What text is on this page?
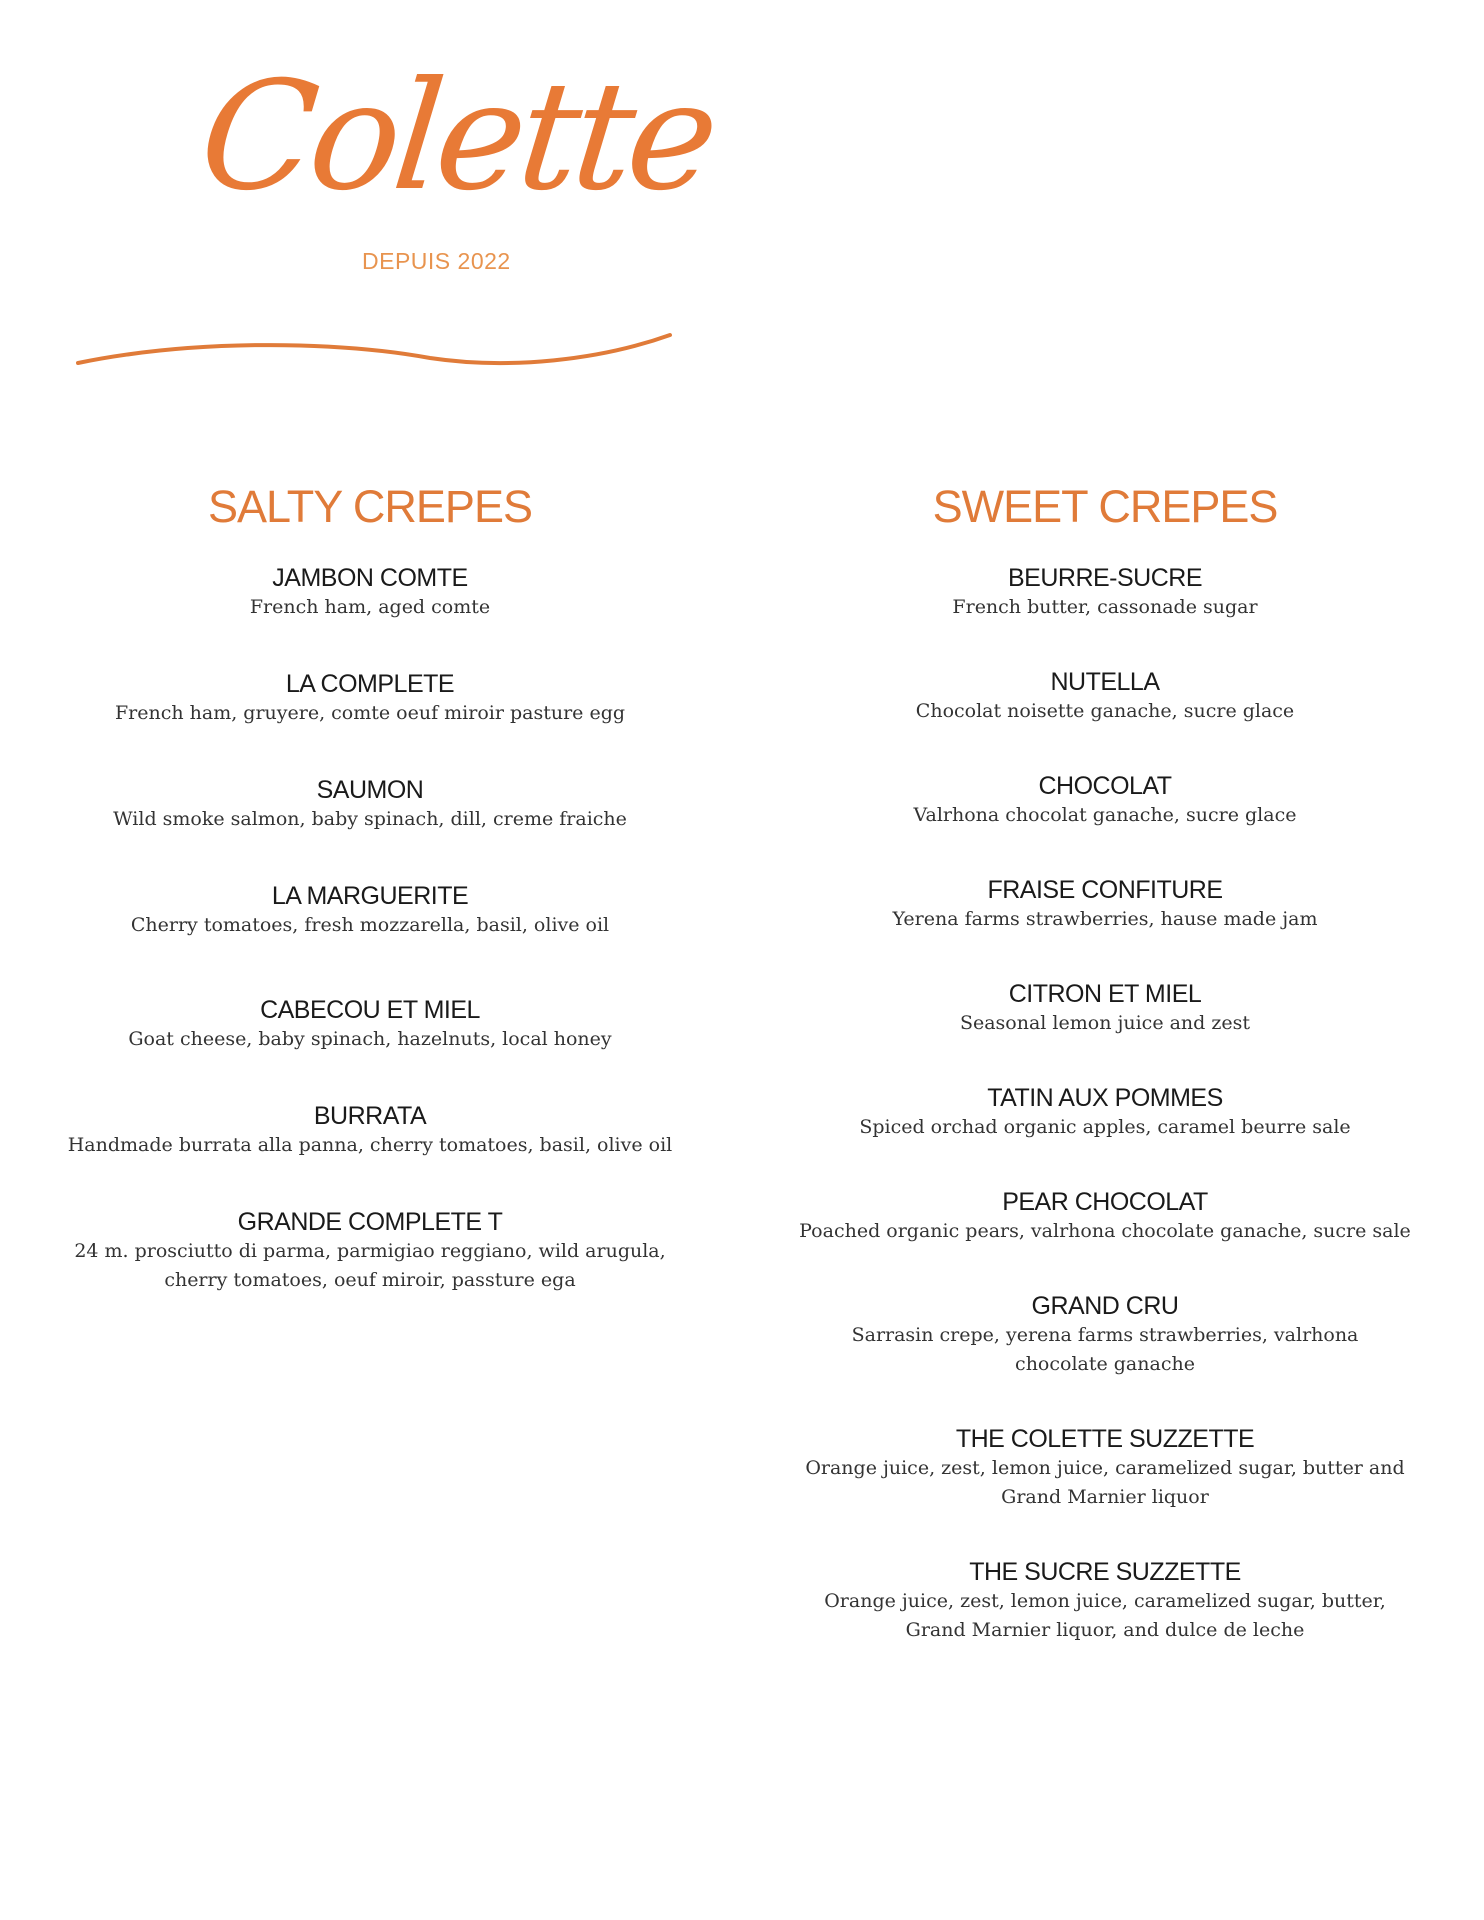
Colette
DEPUIS 2022
SALTY CREPES
JAMBON COMTE
French ham, aged comte
LA COMPLETE
French ham, gruyere, comte oeuf miroir pasture egg
SAUMON
Wild smoke salmon, baby spinach, dill, creme fraiche
LA MARGUERITE
Cherry tomatoes, fresh mozzarella, basil, olive oil
CABECOU ET MIEL
Goat cheese, baby spinach, hazelnuts, local honey
BURRATA
Handmade burrata alla panna, cherry tomatoes, basil, olive oil
GRANDE COMPLETE T
24 m. prosciutto di parma, parmigiao reggiano, wild arugula,
cherry tomatoes, oeuf miroir, passture ega
SWEET CREPES
BEURRE-SUCRE
French butter, cassonade sugar
NUTELLA
Chocolat noisette ganache, sucre glace
CHOCOLAT
Valrhona chocolat ganache, sucre glace
FRAISE CONFITURE
Yerena farms strawberries, hause made jam
CITRON ET MIEL
Seasonal lemon juice and zest
TATIN AUX POMMES
Spiced orchad organic apples, caramel beurre sale
PEAR CHOCOLAT
Poached organic pears, valrhona chocolate ganache, sucre sale
GRAND CRU
Sarrasin crepe, yerena farms strawberries, valrhona
chocolate ganache
THE COLETTE SUZZETTE
Orange juice, zest, lemon juice, caramelized sugar, butter and
Grand Marnier liquor
THE SUCRE SUZZETTE
Orange juice, zest, lemon juice, caramelized sugar, butter,
Grand Marnier liquor, and dulce de leche
